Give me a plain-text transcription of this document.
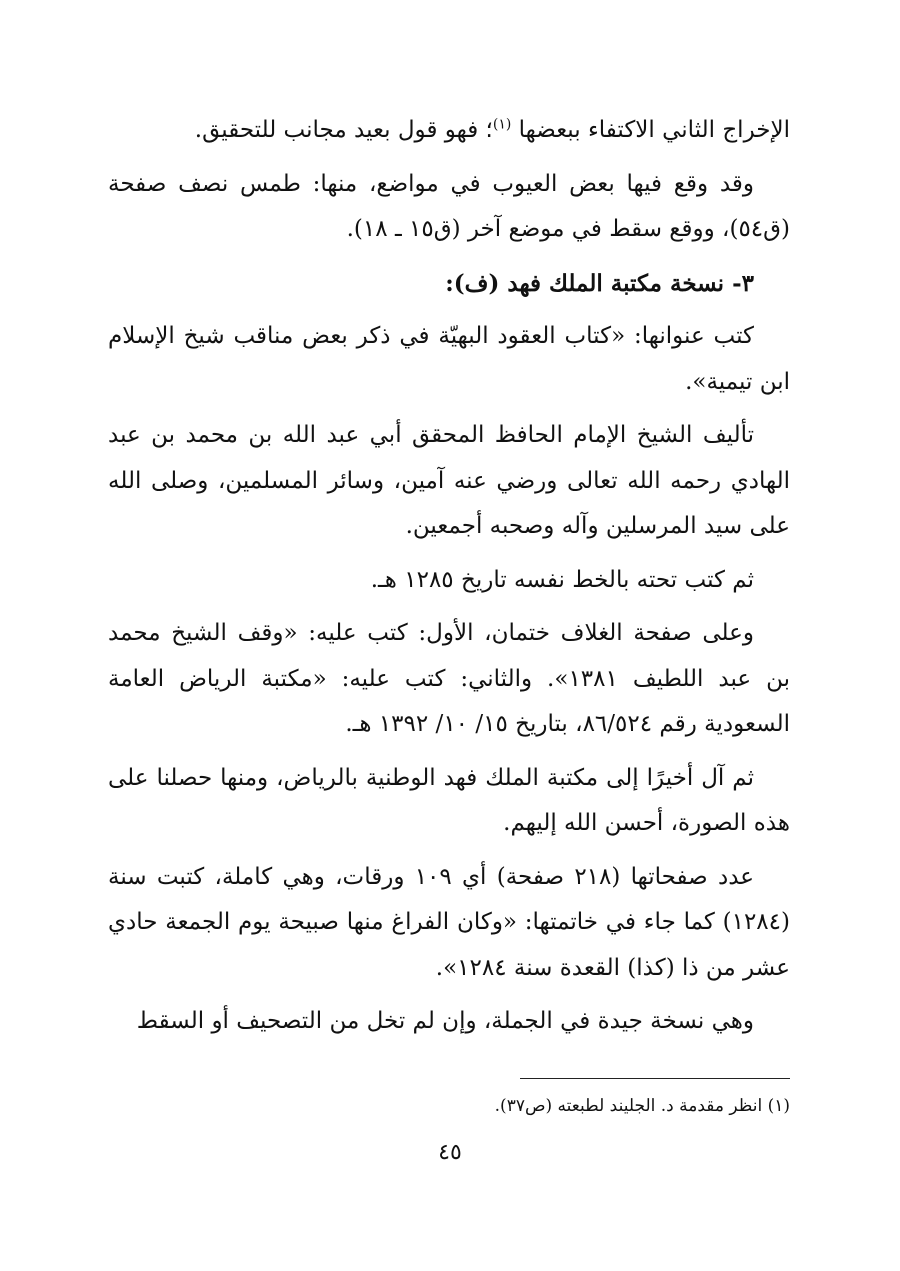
الإخراج الثاني الاكتفاء ببعضها $^{(١)}$؛ فهو قول بعيد مجانب للتحقيق.

وقد وقع فيها بعض العيوب في مواضع، منها: طمس نصف صفحة (ق٥٤)، ووقع سقط في موضع آخر (ق١٥ ـ ١٨).

٣- نسخة مكتبة الملك فهد (ف):

كتب عنوانها: «كتاب العقود البهيّة في ذكر بعض مناقب شيخ الإسلام ابن تيمية».

تأليف الشيخ الإمام الحافظ المحقق أبي عبد الله بن محمد بن عبد الهادي رحمه الله تعالى ورضي عنه آمين، وسائر المسلمين، وصلى الله على سيد المرسلين وآله وصحبه أجمعين.

ثم كتب تحته بالخط نفسه تاريخ ١٢٨٥ هـ.

وعلى صفحة الغلاف ختمان، الأول: كتب عليه: «وقف الشيخ محمد بن عبد اللطيف ١٣٨١». والثاني: كتب عليه: «مكتبة الرياض العامة السعودية رقم ٨٦/٥٢٤، بتاريخ ١٥/ ١٠/ ١٣٩٢ هـ.

ثم آل أخيرًا إلى مكتبة الملك فهد الوطنية بالرياض، ومنها حصلنا على هذه الصورة، أحسن الله إليهم.

عدد صفحاتها (٢١٨ صفحة) أي ١٠٩ ورقات، وهي كاملة، كتبت سنة (١٢٨٤) كما جاء في خاتمتها: «وكان الفراغ منها صبيحة يوم الجمعة حادي عشر من ذا (كذا) القعدة سنة ١٢٨٤».

وهي نسخة جيدة في الجملة، وإن لم تخل من التصحيف أو السقط

(١) انظر مقدمة د. الجليند لطبعته (ص٣٧).
٤٥
